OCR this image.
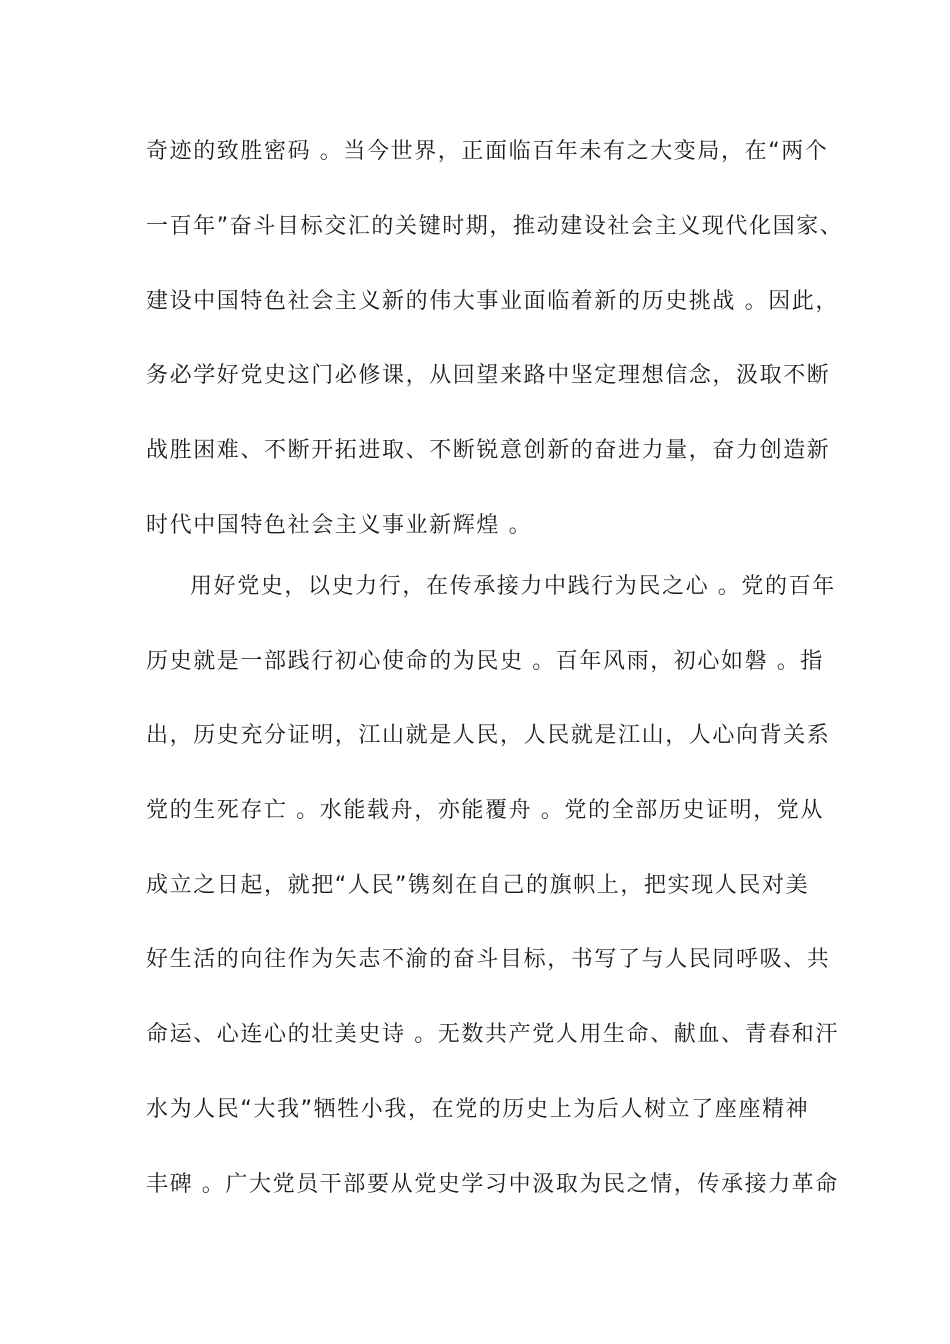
奇迹的致胜密码 。当今世界，正面临百年未有之大变局，在“两个
一百年”奋斗目标交汇的关键时期，推动建设社会主义现代化国家、
建设中国特色社会主义新的伟大事业面临着新的历史挑战 。因此，
务必学好党史这门必修课，从回望来路中坚定理想信念，汲取不断
战胜困难、不断开拓进取、不断锐意创新的奋进力量，奋力创造新
时代中国特色社会主义事业新辉煌 。
用好党史，以史力行，在传承接力中践行为民之心 。党的百年
历史就是一部践行初心使命的为民史 。百年风雨，初心如磐 。指
出，历史充分证明，江山就是人民，人民就是江山，人心向背关系
党的生死存亡 。水能载舟，亦能覆舟 。党的全部历史证明，党从
成立之日起，就把“人民”镌刻在自己的旗帜上，把实现人民对美
好生活的向往作为矢志不渝的奋斗目标，书写了与人民同呼吸、共
命运、心连心的壮美史诗 。无数共产党人用生命、献血、青春和汗
水为人民“大我”牺牲小我，在党的历史上为后人树立了座座精神
丰碑 。广大党员干部要从党史学习中汲取为民之情，传承接力革命
